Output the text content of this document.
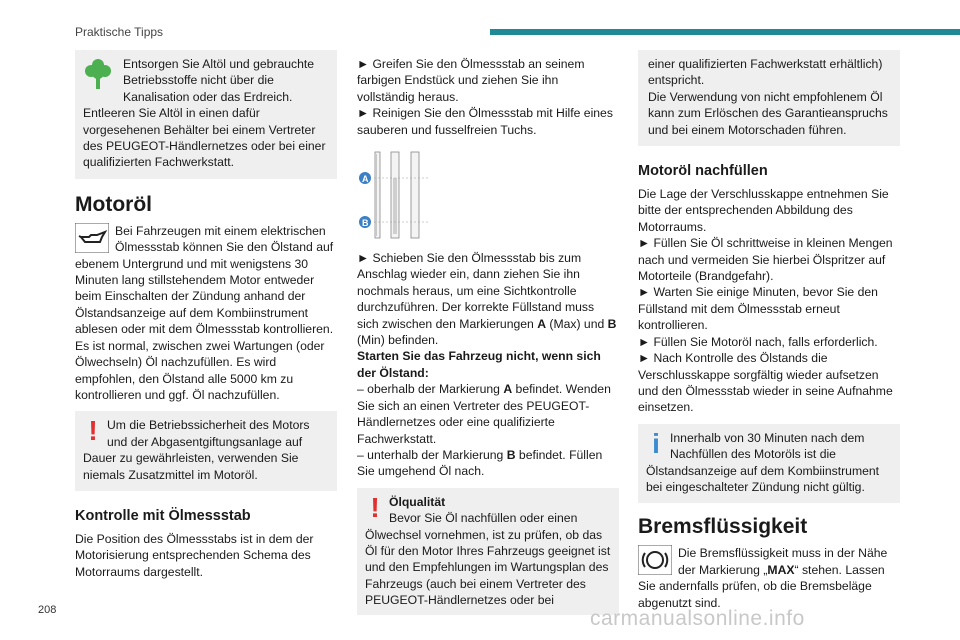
Praktische Tipps

Entsorgen Sie Altöl und gebrauchte Betriebsstoffe nicht über die Kanalisation oder das Erdreich.

Entleeren Sie Altöl in einen dafür vorgesehenen Behälter bei einem Vertreter des PEUGEOT-Händlernetzes oder bei einer qualifizierten Fachwerkstatt.

Motoröl

Bei Fahrzeugen mit einem elektrischen Ölmessstab können Sie den Ölstand auf ebenem Untergrund und mit wenigstens 30 Minuten lang stillstehendem Motor entweder beim Einschalten der Zündung anhand der Ölstandsanzeige auf dem Kombiinstrument ablesen oder mit dem Ölmessstab kontrollieren.

Es ist normal, zwischen zwei Wartungen (oder Ölwechseln) Öl nachzufüllen. Es wird empfohlen, den Ölstand alle 5000 km zu kontrollieren und ggf. Öl nachzufüllen.

! Um die Betriebssicherheit des Motors und der Abgasentgiftungsanlage auf Dauer zu gewährleisten, verwenden Sie niemals Zusatzmittel im Motoröl.

Kontrolle mit Ölmessstab

Die Position des Ölmessstabs ist in dem der Motorisierung entsprechenden Schema des Motorraums dargestellt.

► Greifen Sie den Ölmessstab an seinem farbigen Endstück und ziehen Sie ihn vollständig heraus.

► Reinigen Sie den Ölmessstab mit Hilfe eines sauberen und fusselfreien Tuchs.

A
B

► Schieben Sie den Ölmessstab bis zum Anschlag wieder ein, dann ziehen Sie ihn nochmals heraus, um eine Sichtkontrolle durchzuführen. Der korrekte Füllstand muss sich zwischen den Markierungen A (Max) und B (Min) befinden.

Starten Sie das Fahrzeug nicht, wenn sich der Ölstand:

– oberhalb der Markierung A befindet. Wenden Sie sich an einen Vertreter des PEUGEOT-Händlernetzes oder eine qualifizierte Fachwerkstatt.

– unterhalb der Markierung B befindet. Füllen Sie umgehend Öl nach.

! Ölqualität

Bevor Sie Öl nachfüllen oder einen Ölwechsel vornehmen, ist zu prüfen, ob das Öl für den Motor Ihres Fahrzeugs geeignet ist und den Empfehlungen im Wartungsplan des Fahrzeugs (auch bei einem Vertreter des PEUGEOT-Händlernetzes oder bei

einer qualifizierten Fachwerkstatt erhältlich) entspricht.

Die Verwendung von nicht empfohlenem Öl kann zum Erlöschen des Garantieanspruchs und bei einem Motorschaden führen.

Motoröl nachfüllen

Die Lage der Verschlusskappe entnehmen Sie bitte der entsprechenden Abbildung des Motorraums.

► Füllen Sie Öl schrittweise in kleinen Mengen nach und vermeiden Sie hierbei Ölspritzer auf Motorteile (Brandgefahr).

► Warten Sie einige Minuten, bevor Sie den Füllstand mit dem Ölmessstab erneut kontrollieren.

► Füllen Sie Motoröl nach, falls erforderlich.

► Nach Kontrolle des Ölstands die Verschlusskappe sorgfältig wieder aufsetzen und den Ölmessstab wieder in seine Aufnahme einsetzen.

i Innerhalb von 30 Minuten nach dem Nachfüllen des Motoröls ist die Ölstandsanzeige auf dem Kombiinstrument bei eingeschalteter Zündung nicht gültig.

Bremsflüssigkeit

Die Bremsflüssigkeit muss in der Nähe der Markierung „MAX“ stehen. Lassen Sie andernfalls prüfen, ob die Bremsbeläge abgenutzt sind.

208	carmanualsonline.info
